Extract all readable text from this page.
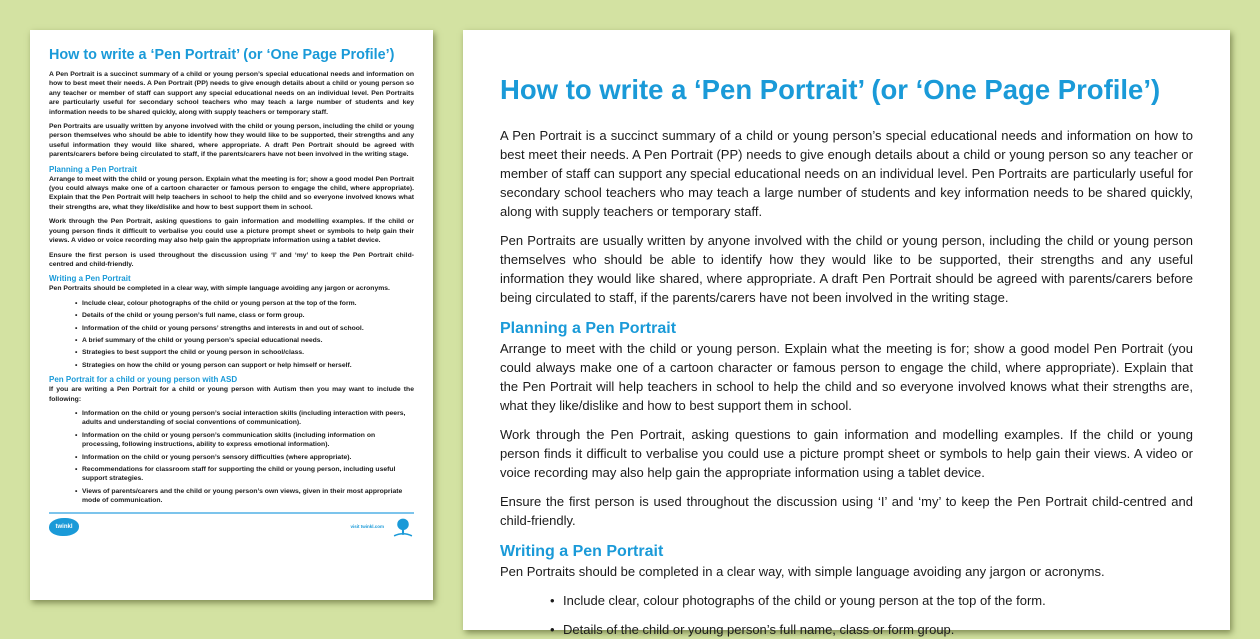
How to write a ‘Pen Portrait’ (or ‘One Page Profile’)

A Pen Portrait is a succinct summary of a child or young person’s special educational needs and information on how to best meet their needs. A Pen Portrait (PP) needs to give enough details about a child or young person so any teacher or member of staff can support any special educational needs on an individual level. Pen Portraits are particularly useful for secondary school teachers who may teach a large number of students and key information needs to be shared quickly, along with supply teachers or temporary staff.

Pen Portraits are usually written by anyone involved with the child or young person, including the child or young person themselves who should be able to identify how they would like to be supported, their strengths and any useful information they would like shared, where appropriate. A draft Pen Portrait should be agreed with parents/carers before being circulated to staff, if the parents/carers have not been involved in the writing stage.

Planning a Pen Portrait

Arrange to meet with the child or young person. Explain what the meeting is for; show a good model Pen Portrait (you could always make one of a cartoon character or famous person to engage the child, where appropriate). Explain that the Pen Portrait will help teachers in school to help the child and so everyone involved knows what their strengths are, what they like/dislike and how to best support them in school.

Work through the Pen Portrait, asking questions to gain information and modelling examples. If the child or young person finds it difficult to verbalise you could use a picture prompt sheet or symbols to help gain their views. A video or voice recording may also help gain the appropriate information using a tablet device.

Ensure the first person is used throughout the discussion using ‘I’ and ‘my’ to keep the Pen Portrait child-centred and child-friendly.

Writing a Pen Portrait

Pen Portraits should be completed in a clear way, with simple language avoiding any jargon or acronyms.

• Include clear, colour photographs of the child or young person at the top of the form.
• Details of the child or young person’s full name, class or form group.
• Information of the child or young persons’ strengths and interests in and out of school.
• A brief summary of the child or young person’s special educational needs.
• Strategies to best support the child or young person in school/class.
• Strategies on how the child or young person can support or help himself or herself.
Pen Portrait for a child or young person with ASD

If you are writing a Pen Portrait for a child or young person with Autism then you may want to include the following:

• Information on the child or young person’s social interaction skills (including interaction with peers, adults and understanding of social conventions of communication).
• Information on the child or young person’s communication skills (including information on processing, following instructions, ability to express emotional information).
• Information on the child or young person’s sensory difficulties (where appropriate).
• Recommendations for classroom staff for supporting the child or young person, including useful support strategies.
• Views of parents/carers and the child or young person’s own views, given in their most appropriate mode of communication.
twinkl	visit twinkl.com
How to write a ‘Pen Portrait’ (or ‘One Page Profile’)

A Pen Portrait is a succinct summary of a child or young person’s special educational needs and information on how to best meet their needs. A Pen Portrait (PP) needs to give enough details about a child or young person so any teacher or member of staff can support any special educational needs on an individual level. Pen Portraits are particularly useful for secondary school teachers who may teach a large number of students and key information needs to be shared quickly, along with supply teachers or temporary staff.

Pen Portraits are usually written by anyone involved with the child or young person, including the child or young person themselves who should be able to identify how they would like to be supported, their strengths and any useful information they would like shared, where appropriate. A draft Pen Portrait should be agreed with parents/carers before being circulated to staff, if the parents/carers have not been involved in the writing stage.

Planning a Pen Portrait

Arrange to meet with the child or young person. Explain what the meeting is for; show a good model Pen Portrait (you could always make one of a cartoon character or famous person to engage the child, where appropriate). Explain that the Pen Portrait will help teachers in school to help the child and so everyone involved knows what their strengths are, what they like/dislike and how to best support them in school.

Work through the Pen Portrait, asking questions to gain information and modelling examples. If the child or young person finds it difficult to verbalise you could use a picture prompt sheet or symbols to help gain their views. A video or voice recording may also help gain the appropriate information using a tablet device.

Ensure the first person is used throughout the discussion using ‘I’ and ‘my’ to keep the Pen Portrait child-centred and child-friendly.

Writing a Pen Portrait

Pen Portraits should be completed in a clear way, with simple language avoiding any jargon or acronyms.

• Include clear, colour photographs of the child or young person at the top of the form.
• Details of the child or young person’s full name, class or form group.
